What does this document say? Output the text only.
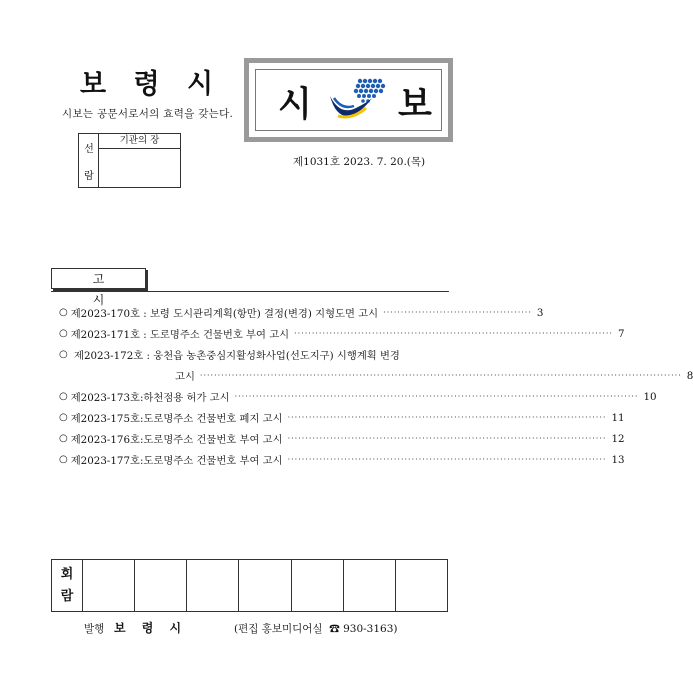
보 령 시
시보는 공문서로서의 효력을 갖는다.
선
람
기관의 장
시 보
제1031호 2023. 7. 20.(목)
고 시
○ 제2023-170호 : 보령 도시관리계획(항만) 결정(변경) 지형도면 고시 ·········································· 3
○ 제2023-171호 : 도로명주소 건물번호 부여 고시 ·························································································· 7
○ 제2023-172호 : 웅천읍 농촌중심지활성화사업(선도지구) 시행계획 변경
고시 ········································································································································ 8
○ 제2023-173호:하천점용 허가 고시 ·················································································································· 10
○ 제2023-175호:도로명주소 건물번호 폐지 고시 ·························································································· 11
○ 제2023-176호:도로명주소 건물번호 부여 고시 ·························································································· 12
○ 제2023-177호:도로명주소 건물번호 부여 고시 ·························································································· 13
회
람

발행 보 령 시	(편집 홍보미디어실  ☎ 930-3163)
